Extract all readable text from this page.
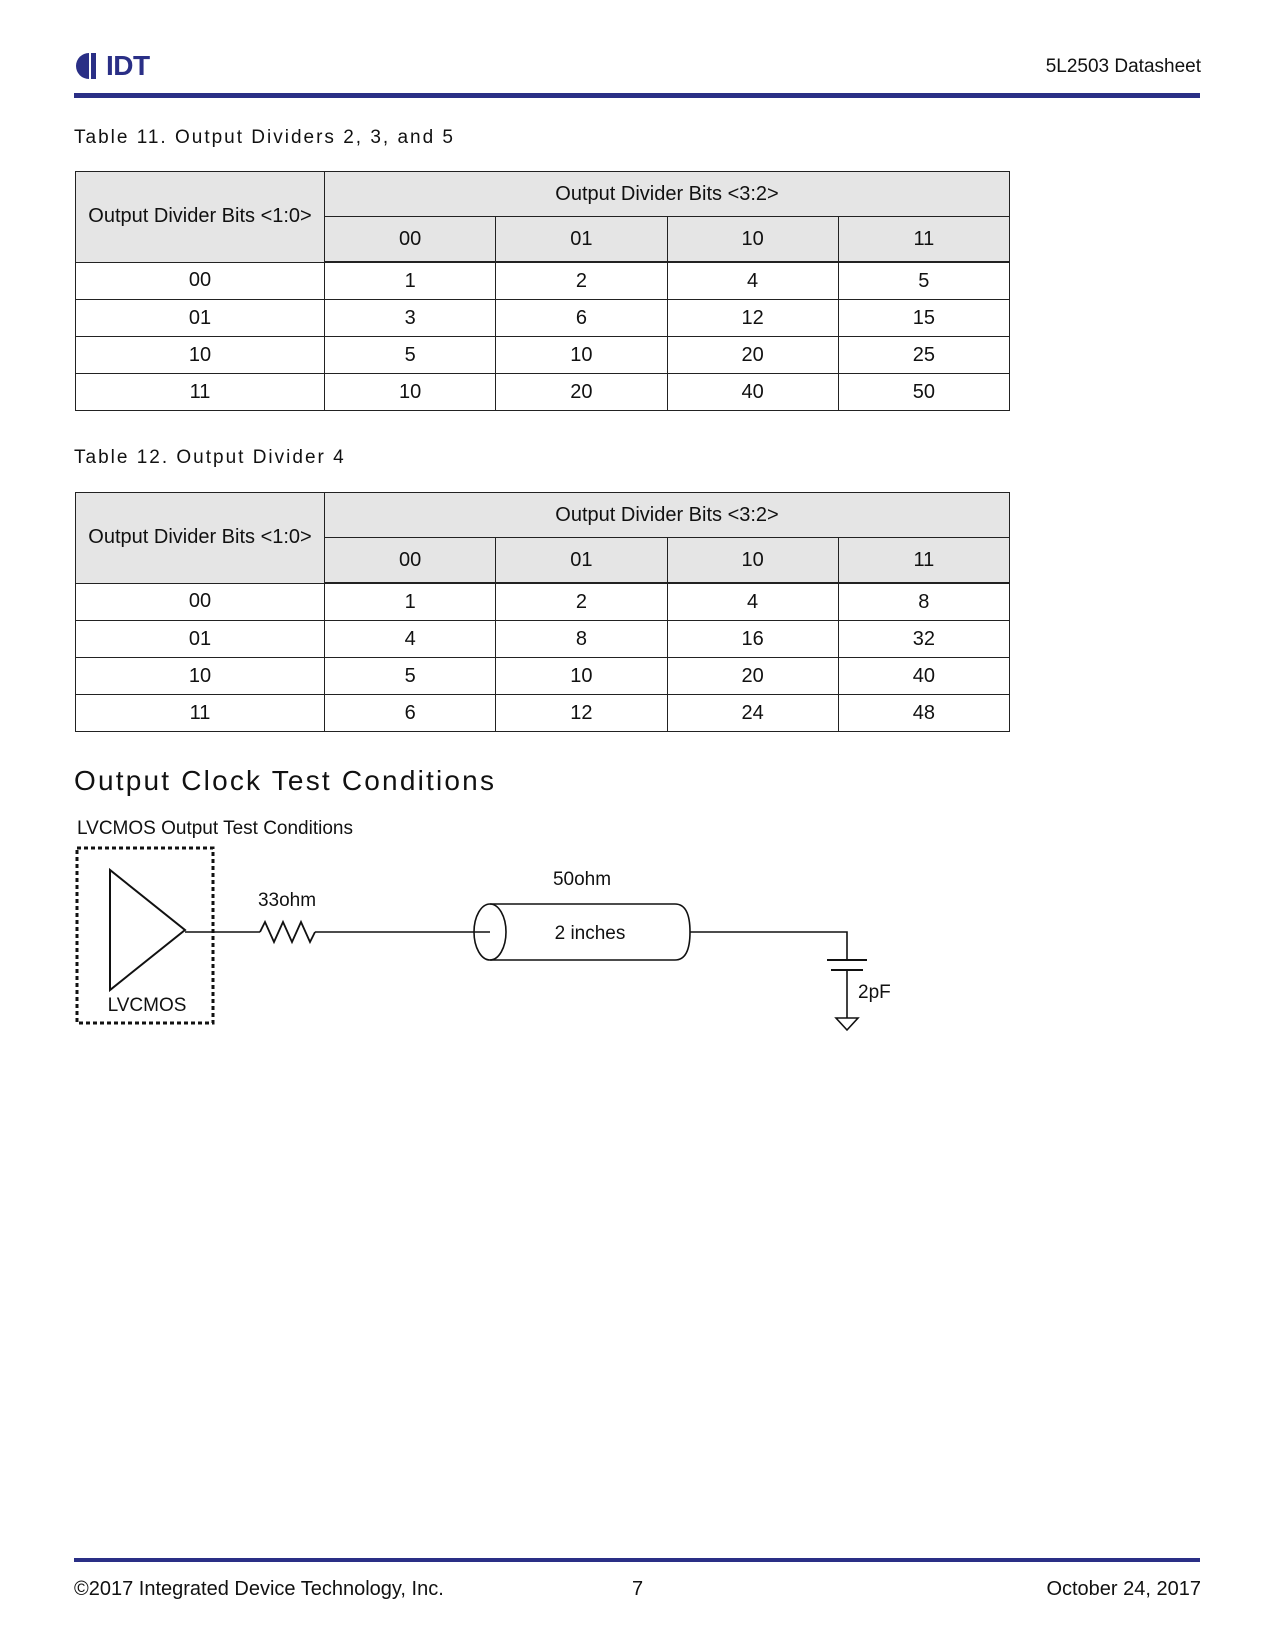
IDT	5L2503 Datasheet
Table 11. Output Dividers 2, 3, and 5
Output Divider Bits <1:0>	Output Divider Bits <3:2>			
	00	01	10	11
00	1	2	4	5
01	3	6	12	15
10	5	10	20	25
11	10	20	40	50
Table 12. Output Divider 4
Output Divider Bits <1:0>	Output Divider Bits <3:2>			
	00	01	10	11
00	1	2	4	8
01	4	8	16	32
10	5	10	20	40
11	6	12	24	48
Output Clock Test Conditions
LVCMOS Output Test Conditions
LVCMOS
33ohm
50ohm
2 inches
2pF
©2017 Integrated Device Technology, Inc.	7	October 24, 2017
